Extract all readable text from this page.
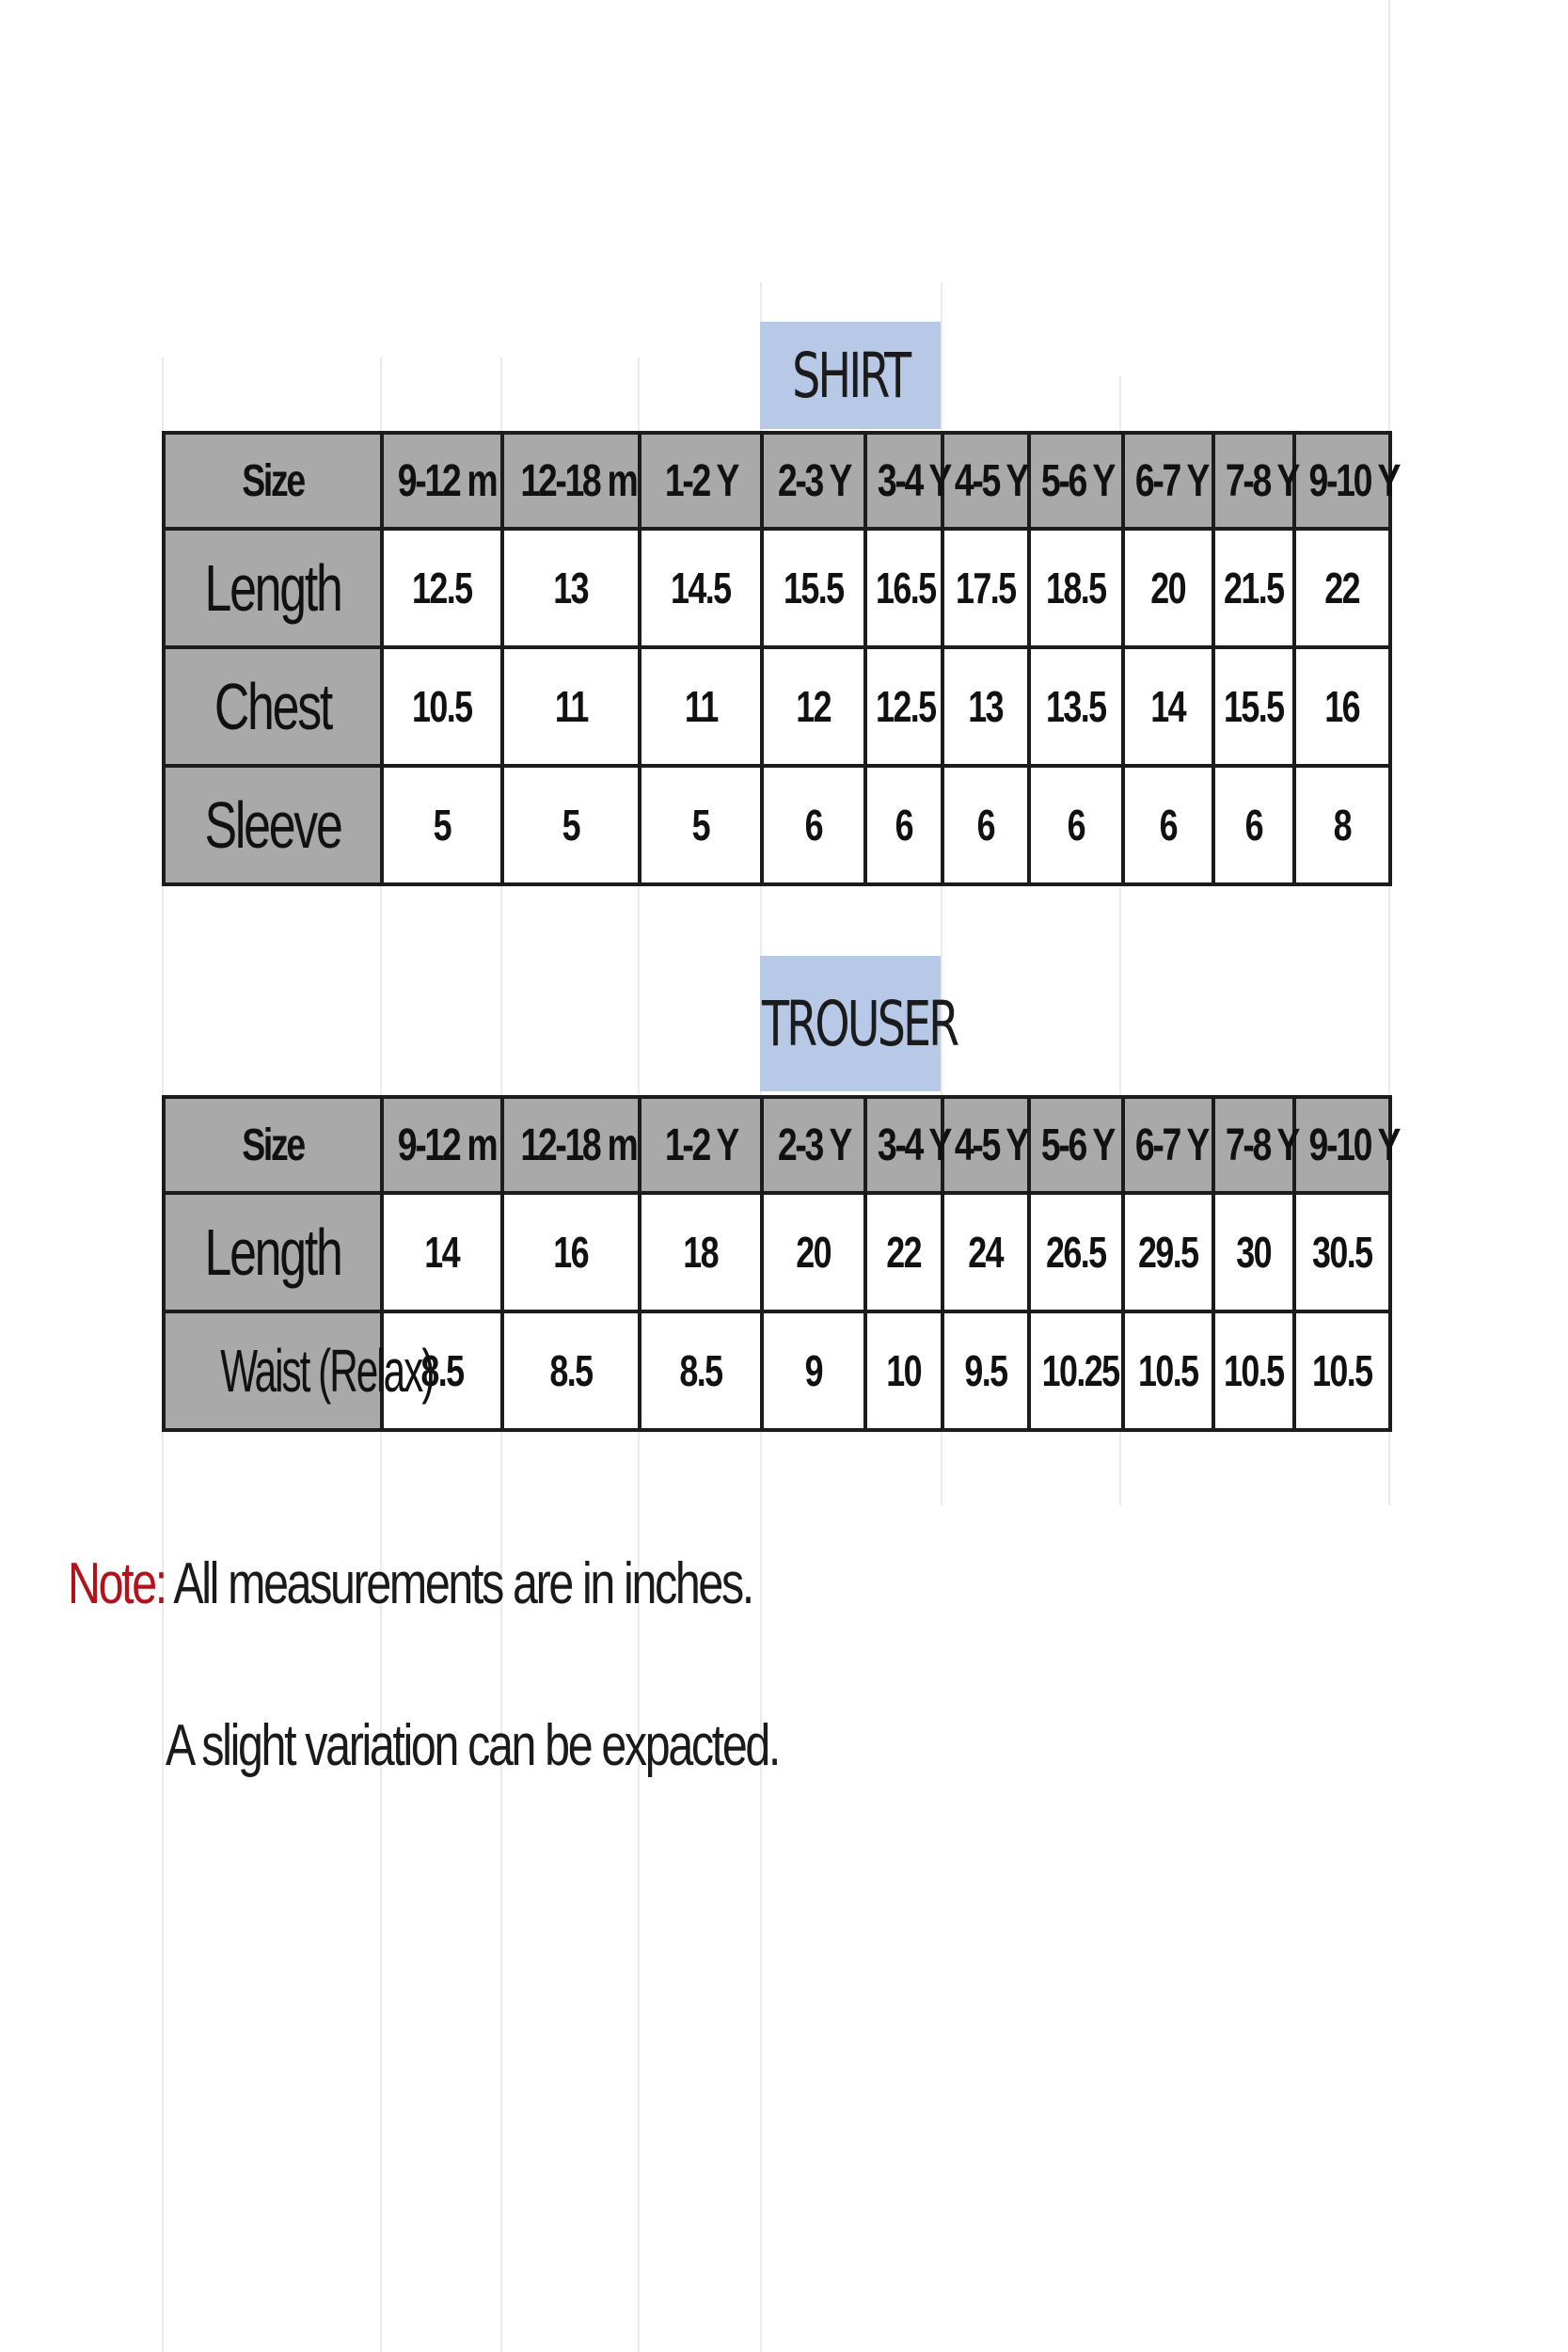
SHIRT
Size	9-12 m	12-18 m	1-2 Y	2-3 Y	3-4 Y	4-5 Y	5-6 Y	6-7 Y	7-8 Y	9-10 Y
Length	12.5	13	14.5	15.5	16.5	17.5	18.5	20	21.5	22
Chest	10.5	11	11	12	12.5	13	13.5	14	15.5	16
Sleeve	5	5	5	6	6	6	6	6	6	8
TROUSER
Size	9-12 m	12-18 m	1-2 Y	2-3 Y	3-4 Y	4-5 Y	5-6 Y	6-7 Y	7-8 Y	9-10 Y
Length	14	16	18	20	22	24	26.5	29.5	30	30.5
Waist (Relax)	8.5	8.5	8.5	9	10	9.5	10.25	10.5	10.5	10.5
Note: All measurements are in inches.
A slight variation can be expacted.
